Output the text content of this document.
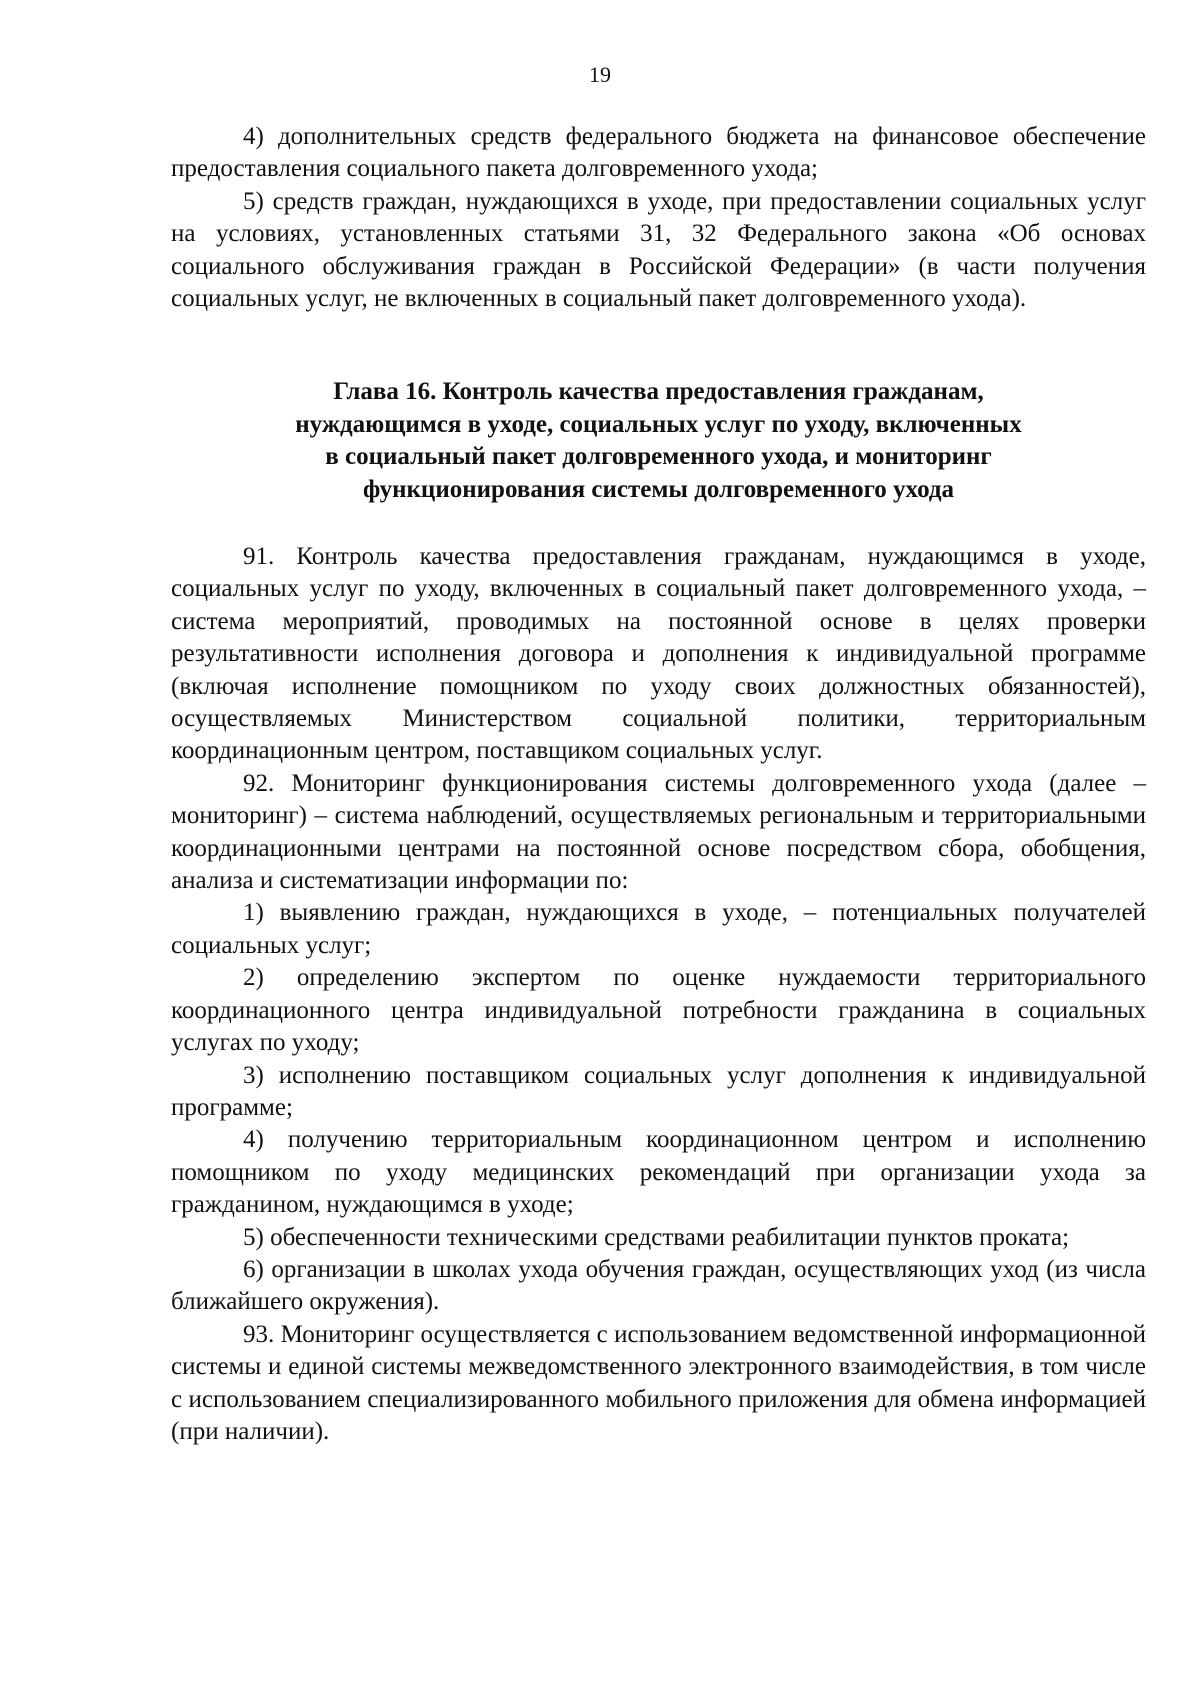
19

4) дополнительных средств федерального бюджета на финансовое обеспечение предоставления социального пакета долговременного ухода;

5) средств граждан, нуждающихся в уходе, при предоставлении социальных услуг на условиях, установленных статьями 31, 32 Федерального закона «Об основах социального обслуживания граждан в Российской Федерации» (в части получения социальных услуг, не включенных в социальный пакет долговременного ухода).

Глава 16. Контроль качества предоставления гражданам,
нуждающимся в уходе, социальных услуг по уходу, включенных
в социальный пакет долговременного ухода, и мониторинг
функционирования системы долговременного ухода

91. Контроль качества предоставления гражданам, нуждающимся в уходе, социальных услуг по уходу, включенных в социальный пакет долговременного ухода, – система мероприятий, проводимых на постоянной основе в целях проверки результативности исполнения договора и дополнения к индивидуальной программе (включая исполнение помощником по уходу своих должностных обязанностей), осуществляемых Министерством социальной политики, территориальным координационным центром, поставщиком социальных услуг.

92. Мониторинг функционирования системы долговременного ухода (далее – мониторинг) – система наблюдений, осуществляемых региональным и территориальными координационными центрами на постоянной основе посредством сбора, обобщения, анализа и систематизации информации по:

1) выявлению граждан, нуждающихся в уходе, – потенциальных получателей социальных услуг;

2) определению экспертом по оценке нуждаемости территориального координационного центра индивидуальной потребности гражданина в социальных услугах по уходу;

3) исполнению поставщиком социальных услуг дополнения к индивидуальной программе;

4) получению территориальным координационном центром и исполнению помощником по уходу медицинских рекомендаций при организации ухода за гражданином, нуждающимся в уходе;

5) обеспеченности техническими средствами реабилитации пунктов проката;

6) организации в школах ухода обучения граждан, осуществляющих уход (из числа ближайшего окружения).

93. Мониторинг осуществляется с использованием ведомственной информационной системы и единой системы межведомственного электронного взаимодействия, в том числе с использованием специализированного мобильного приложения для обмена информацией (при наличии).
